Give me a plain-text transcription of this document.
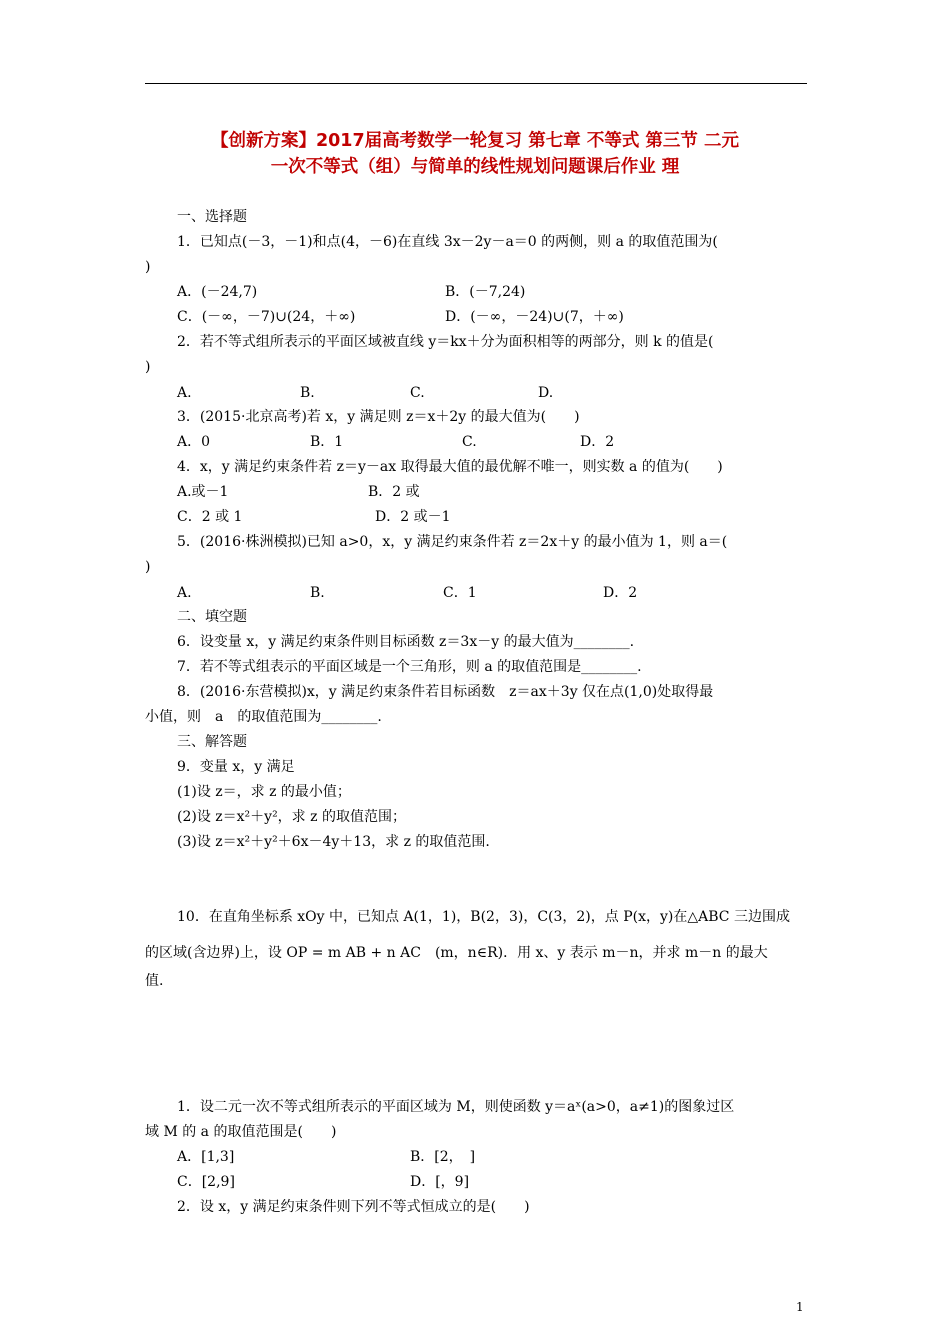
【创新方案】2017届高考数学一轮复习 第七章 不等式 第三节 二元
一次不等式（组）与简单的线性规划问题课后作业 理
一、选择题
1．已知点(－3，－1)和点(4，－6)在直线 3x－2y－a＝0 的两侧，则 a 的取值范围为(
)
A．(－24,7)	B．(－7,24)
C．(－∞，－7)∪(24，＋∞)	D．(－∞，－24)∪(7，＋∞)
2．若不等式组所表示的平面区域被直线 y＝kx＋分为面积相等的两部分，则 k 的值是(
)
A.	B.	C.	D.
3．(2015·北京高考)若 x，y 满足则 z＝x＋2y 的最大值为(　　)
A．0	B．1	C.	D．2
4．x，y 满足约束条件若 z＝y－ax 取得最大值的最优解不唯一，则实数 a 的值为(　　)
A.或－1	B．2 或
C．2 或 1	D．2 或－1
5．(2016·株洲模拟)已知 a>0，x，y 满足约束条件若 z＝2x＋y 的最小值为 1，则 a＝(
)
A.	B.	C．1	D．2
二、填空题
6．设变量 x，y 满足约束条件则目标函数 z＝3x－y 的最大值为________.
7．若不等式组表示的平面区域是一个三角形，则 a 的取值范围是________.
8．(2016·东营模拟)x，y 满足约束条件若目标函数　z＝ax＋3y 仅在点(1,0)处取得最
小值，则　a　的取值范围为________.
三、解答题
9．变量 x，y 满足
(1)设 z＝，求 z 的最小值；
(2)设 z＝x²＋y²，求 z 的取值范围；
(3)设 z＝x²＋y²＋6x－4y＋13，求 z 的取值范围.
10．在直角坐标系 xOy 中，已知点 A(1，1)，B(2，3)，C(3，2)，点 P(x，y)在△ABC 三边围成
的区域(含边界)上，设 OP = m AB + n AC　(m，n∈R)．用 x、y 表示 m－n，并求 m－n 的最大
值.
1．设二元一次不等式组所表示的平面区域为 M，则使函数 y＝aˣ(a>0，a≠1)的图象过区
域 M 的 a 的取值范围是(　　)
A．[1,3]	B．[2，　]
C．[2,9]	D．[，9]
2．设 x，y 满足约束条件则下列不等式恒成立的是(　　)
1
